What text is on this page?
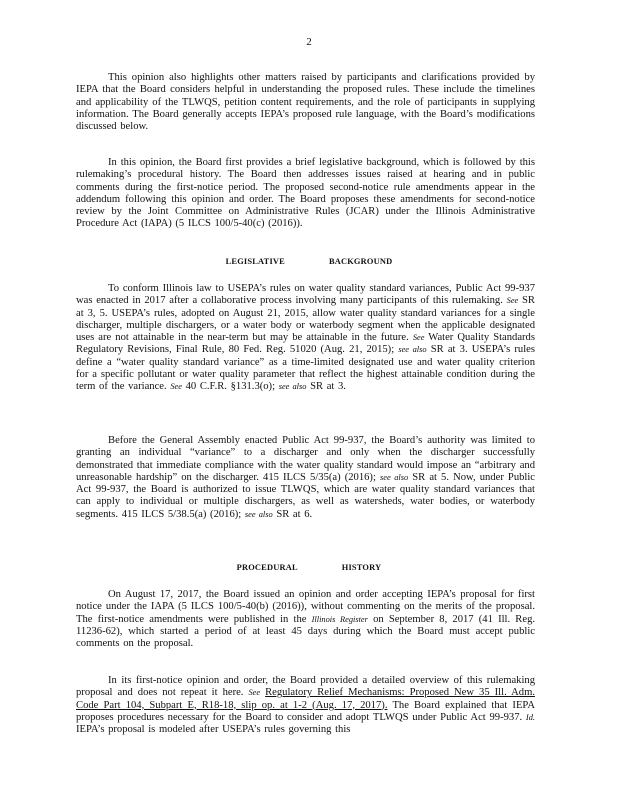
2

This opinion also highlights other matters raised by participants and clarifications provided by IEPA that the Board considers helpful in understanding the proposed rules. These include the timelines and applicability of the TLWQS, petition content requirements, and the role of participants in supplying information. The Board generally accepts IEPA’s proposed rule language, with the Board’s modifications discussed below.

In this opinion, the Board first provides a brief legislative background, which is followed by this rulemaking’s procedural history. The Board then addresses issues raised at hearing and in public comments during the first-notice period. The proposed second-notice rule amendments appear in the addendum following this opinion and order. The Board proposes these amendments for second-notice review by the Joint Committee on Administrative Rules (JCAR) under the Illinois Administrative Procedure Act (IAPA) (5 ILCS 100/5-40(c) (2016)).

LEGISLATIVE	BACKGROUND

To conform Illinois law to USEPA’s rules on water quality standard variances, Public Act 99-937 was enacted in 2017 after a collaborative process involving many participants of this rulemaking. See SR at 3, 5. USEPA’s rules, adopted on August 21, 2015, allow water quality standard variances for a single discharger, multiple dischargers, or a water body or waterbody segment when the applicable designated uses are not attainable in the near-term but may be attainable in the future. See Water Quality Standards Regulatory Revisions, Final Rule, 80 Fed. Reg. 51020 (Aug. 21, 2015); see also SR at 3. USEPA’s rules define a “water quality standard variance” as a time-limited designated use and water quality criterion for a specific pollutant or water quality parameter that reflect the highest attainable condition during the term of the variance. See 40 C.F.R. §131.3(o); see also SR at 3.

Before the General Assembly enacted Public Act 99-937, the Board’s authority was limited to granting an individual “variance” to a discharger and only when the discharger successfully demonstrated that immediate compliance with the water quality standard would impose an “arbitrary and unreasonable hardship” on the discharger. 415 ILCS 5/35(a) (2016); see also SR at 5. Now, under Public Act 99-937, the Board is authorized to issue TLWQS, which are water quality standard variances that can apply to individual or multiple dischargers, as well as watersheds, water bodies, or waterbody segments. 415 ILCS 5/38.5(a) (2016); see also SR at 6.

PROCEDURAL	HISTORY

On August 17, 2017, the Board issued an opinion and order accepting IEPA’s proposal for first notice under the IAPA (5 ILCS 100/5-40(b) (2016)), without commenting on the merits of the proposal. The first-notice amendments were published in the Illinois Register on September 8, 2017 (41 Ill. Reg. 11236-62), which started a period of at least 45 days during which the Board must accept public comments on the proposal.

In its first-notice opinion and order, the Board provided a detailed overview of this rulemaking proposal and does not repeat it here. See Regulatory Relief Mechanisms: Proposed New 35 Ill. Adm. Code Part 104, Subpart E, R18-18, slip op. at 1-2 (Aug. 17, 2017). The Board explained that IEPA proposes procedures necessary for the Board to consider and adopt TLWQS under Public Act 99-937. Id. IEPA’s proposal is modeled after USEPA’s rules governing this
